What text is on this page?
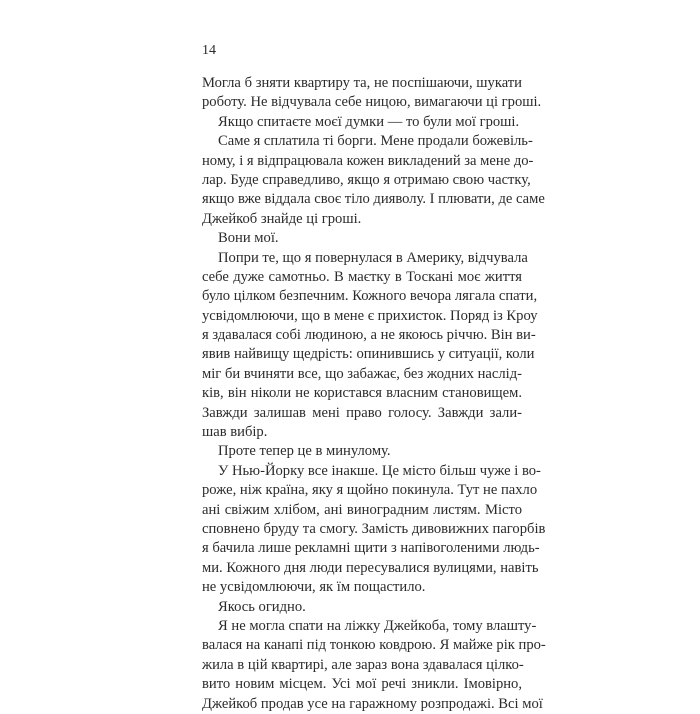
14
Могла б зняти квартиру та, не поспішаючи, шукати
роботу. Не відчувала себе ницою, вимагаючи ці гроші.
Якщо спитаєте моєї думки — то були мої гроші.
Саме я сплатила ті борги. Мене продали божевіль-
ному, і я відпрацювала кожен викладений за мене до-
лар. Буде справедливо, якщо я отримаю свою частку,
якщо вже віддала своє тіло дияволу. І плювати, де саме
Джейкоб знайде ці гроші.
Вони мої.
Попри те, що я повернулася в Америку, відчувала
себе дуже самотньо. В маєтку в Тоскані моє життя
було цілком безпечним. Кожного вечора лягала спати,
усвідомлюючи, що в мене є прихисток. Поряд із Кроу
я здавалася собі людиною, а не якоюсь річчю. Він ви-
явив найвищу щедрість: опинившись у ситуації, коли
міг би вчиняти все, що забажає, без жодних наслід-
ків, він ніколи не користався власним становищем.
Завжди залишав мені право голосу. Завжди зали-
шав вибір.
Проте тепер це в минулому.
У Нью-Йорку все інакше. Це місто більш чуже і во-
роже, ніж країна, яку я щойно покинула. Тут не пахло
ані свіжим хлібом, ані виноградним листям. Місто
сповнено бруду та смогу. Замість дивовижних пагорбів
я бачила лише рекламні щити з напівоголеними людь-
ми. Кожного дня люди пересувалися вулицями, навіть
не усвідомлюючи, як їм пощастило.
Якось огидно.
Я не могла спати на ліжку Джейкоба, тому влашту-
валася на канапі під тонкою ковдрою. Я майже рік про-
жила в цій квартирі, але зараз вона здавалася цілко-
вито новим місцем. Усі мої речі зникли. Імовірно,
Джейкоб продав усе на гаражному розпродажі. Всі мої
